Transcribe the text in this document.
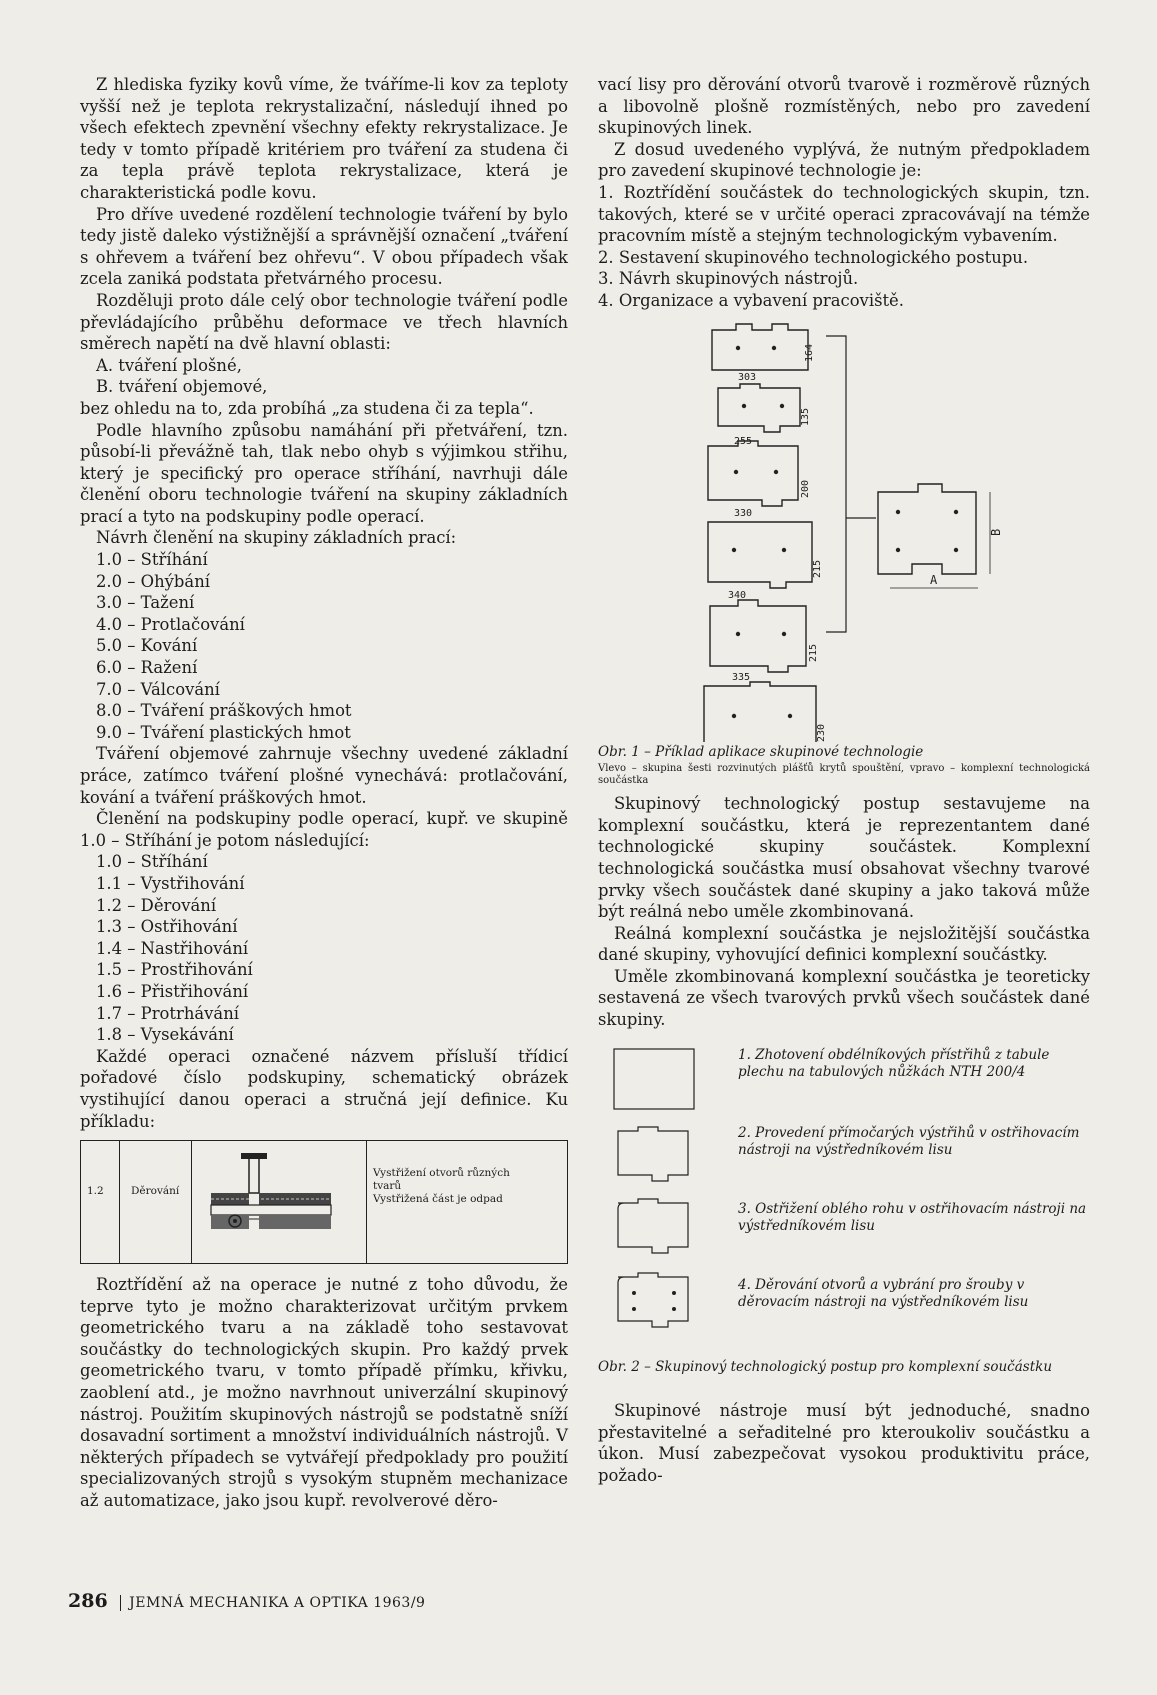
Z hlediska fyziky kovů víme, že tváříme-li kov za teploty vyšší než je teplota rekrystalizační, následují ihned po všech efektech zpevnění všechny efekty rekrystalizace. Je tedy v tomto případě kritériem pro tváření za studena či za tepla právě teplota rekrystalizace, která je charakteristická podle kovu.

Pro dříve uvedené rozdělení technologie tváření by bylo tedy jistě daleko výstižnější a správnější označení „tváření s ohřevem a tváření bez ohřevu“. V obou případech však zcela zaniká podstata přetvárného procesu.

Rozděluji proto dále celý obor technologie tváření podle převládajícího průběhu deformace ve třech hlavních směrech napětí na dvě hlavní oblasti:

A. tváření plošné,

B. tváření objemové,

bez ohledu na to, zda probíhá „za studena či za tepla“.

Podle hlavního způsobu namáhání při přetváření, tzn. působí-li převážně tah, tlak nebo ohyb s výjimkou střihu, který je specifický pro operace stříhání, navrhuji dále členění oboru technologie tváření na skupiny základních prací a tyto na podskupiny podle operací.

Návrh členění na skupiny základních prací:

1.0 – Stříhání

2.0 – Ohýbání

3.0 – Tažení

4.0 – Protlačování

5.0 – Kování

6.0 – Ražení

7.0 – Válcování

8.0 – Tváření práškových hmot

9.0 – Tváření plastických hmot

Tváření objemové zahrnuje všechny uvedené základní práce, zatímco tváření plošné vynechává: protlačování, kování a tváření práškových hmot.

Členění na podskupiny podle operací, kupř. ve skupině 1.0 – Stříhání je potom následující:

1.0 – Stříhání

1.1 – Vystřihování

1.2 – Děrování

1.3 – Ostřihování

1.4 – Nastřihování

1.5 – Prostřihování

1.6 – Přistřihování

1.7 – Protrhávání

1.8 – Vysekávání

Každé operaci označené názvem přísluší třídicí pořadové číslo podskupiny, schematický obrázek vystihující danou operaci a stručná její definice. Ku příkladu:

1.2	Děrování
Vystřižení otvorů různých tvarů
Vystřižená část je odpad

Roztřídění až na operace je nutné z toho důvodu, že teprve tyto je možno charakterizovat určitým prvkem geometrického tvaru a na základě toho sestavovat součástky do technologických skupin. Pro každý prvek geometrického tvaru, v tomto případě přímku, křivku, zaoblení atd., je možno navrhnout univerzální skupinový nástroj. Použitím skupinových nástrojů se podstatně sníží dosavadní sortiment a množství individuálních nástrojů. V některých případech se vytvářejí předpoklady pro použití specializovaných strojů s vysokým stupněm mechanizace až automatizace, jako jsou kupř. revolverové děro-

vací lisy pro děrování otvorů tvarově i rozměrově různých a libovolně plošně rozmístěných, nebo pro zavedení skupinových linek.

Z dosud uvedeného vyplývá, že nutným předpokladem pro zavedení skupinové technologie je:

1. Roztřídění součástek do technologických skupin, tzn. takových, které se v určité operaci zpracovávají na témže pracovním místě a stejným technologickým vybavením.

2. Sestavení skupinového technologického postupu.

3. Návrh skupinových nástrojů.

4. Organizace a vybavení pracoviště.

303
255
330
340
335
164
135
200
215
215
230
A
B

Obr. 1 – Příklad aplikace skupinové technologie

Vlevo – skupina šesti rozvinutých plášťů krytů spouštění, vpravo – komplexní technologická součástka

Skupinový technologický postup sestavujeme na komplexní součástku, která je reprezentantem dané technologické skupiny součástek. Komplexní technologická součástka musí obsahovat všechny tvarové prvky všech součástek dané skupiny a jako taková může být reálná nebo uměle zkombinovaná.

Reálná komplexní součástka je nejsložitější součástka dané skupiny, vyhovující definici komplexní součástky.

Uměle zkombinovaná komplexní součástka je teoreticky sestavená ze všech tvarových prvků všech součástek dané skupiny.

1. Zhotovení obdélníkových přístřihů z tabule plechu na tabulových nůžkách NTH 200/4
2. Provedení přímočarých výstřihů v ostřihovacím nástroji na výstředníkovém lisu
3. Ostřižení oblého rohu v ostřihovacím nástroji na výstředníkovém lisu
4. Děrování otvorů a vybrání pro šrouby v děrovacím nástroji na výstředníkovém lisu

Obr. 2 – Skupinový technologický postup pro komplexní součástku

Skupinové nástroje musí být jednoduché, snadno přestavitelné a seřaditelné pro kteroukoliv součástku a úkon. Musí zabezpečovat vysokou produktivitu práce, požado-

286 JEMNÁ MECHANIKA A OPTIKA 1963/9
